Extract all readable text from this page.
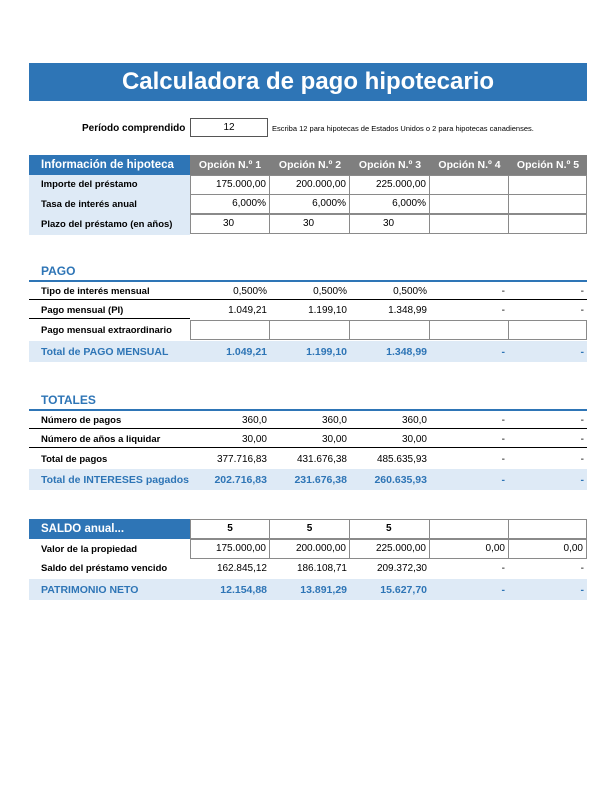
Calculadora de pago hipotecario
Período comprendido	12	Escriba 12 para hipotecas de Estados Unidos o 2 para hipotecas canadienses.
Información de hipoteca	Opción N.º 1	Opción N.º 2	Opción N.º 3	Opción N.º 4	Opción N.º 5
Importe del préstamo	175.000,00	200.000,00	225.000,00
Tasa de interés anual	6,000%	6,000%	6,000%
Plazo del préstamo (en años)	30	30	30
PAGO
Tipo de interés mensual	0,500%	0,500%	0,500%	-	-
Pago mensual (PI)	1.049,21	1.199,10	1.348,99	-	-
Pago mensual extraordinario
Total de PAGO MENSUAL	1.049,21	1.199,10	1.348,99	-	-
TOTALES
Número de pagos	360,0	360,0	360,0	-	-
Número de años a liquidar	30,00	30,00	30,00	-	-
Total de pagos	377.716,83	431.676,38	485.635,93	-	-
Total de INTERESES pagados	202.716,83	231.676,38	260.635,93	-	-
SALDO anual...	5	5	5
Valor de la propiedad	175.000,00	200.000,00	225.000,00	0,00	0,00
Saldo del préstamo vencido	162.845,12	186.108,71	209.372,30	-	-
PATRIMONIO NETO	12.154,88	13.891,29	15.627,70	-	-
